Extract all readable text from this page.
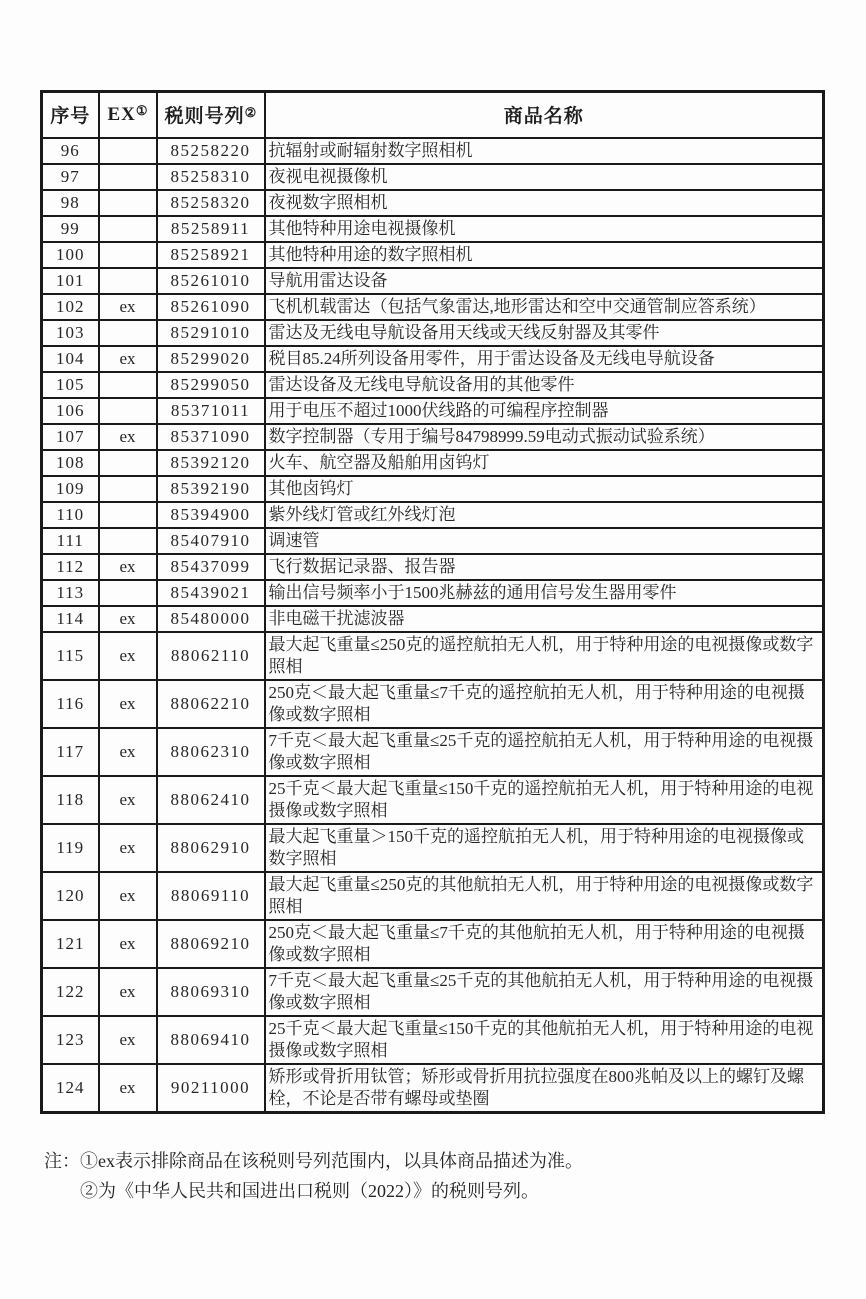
序号	EX①	税则号列②	商品名称
96		85258220	抗辐射或耐辐射数字照相机
97		85258310	夜视电视摄像机
98		85258320	夜视数字照相机
99		85258911	其他特种用途电视摄像机
100		85258921	其他特种用途的数字照相机
101		85261010	导航用雷达设备
102	ex	85261090	飞机机载雷达（包括气象雷达,地形雷达和空中交通管制应答系统）
103		85291010	雷达及无线电导航设备用天线或天线反射器及其零件
104	ex	85299020	税目85.24所列设备用零件，用于雷达设备及无线电导航设备
105		85299050	雷达设备及无线电导航设备用的其他零件
106		85371011	用于电压不超过1000伏线路的可编程序控制器
107	ex	85371090	数字控制器（专用于编号84798999.59电动式振动试验系统）
108		85392120	火车、航空器及船舶用卤钨灯
109		85392190	其他卤钨灯
110		85394900	紫外线灯管或红外线灯泡
111		85407910	调速管
112	ex	85437099	飞行数据记录器、报告器
113		85439021	输出信号频率小于1500兆赫兹的通用信号发生器用零件
114	ex	85480000	非电磁干扰滤波器
115	ex	88062110	最大起飞重量≤250克的遥控航拍无人机，用于特种用途的电视摄像或数字照相
116	ex	88062210	250克＜最大起飞重量≤7千克的遥控航拍无人机，用于特种用途的电视摄像或数字照相
117	ex	88062310	7千克＜最大起飞重量≤25千克的遥控航拍无人机，用于特种用途的电视摄像或数字照相
118	ex	88062410	25千克＜最大起飞重量≤150千克的遥控航拍无人机，用于特种用途的电视摄像或数字照相
119	ex	88062910	最大起飞重量＞150千克的遥控航拍无人机，用于特种用途的电视摄像或数字照相
120	ex	88069110	最大起飞重量≤250克的其他航拍无人机，用于特种用途的电视摄像或数字照相
121	ex	88069210	250克＜最大起飞重量≤7千克的其他航拍无人机，用于特种用途的电视摄像或数字照相
122	ex	88069310	7千克＜最大起飞重量≤25千克的其他航拍无人机，用于特种用途的电视摄像或数字照相
123	ex	88069410	25千克＜最大起飞重量≤150千克的其他航拍无人机，用于特种用途的电视摄像或数字照相
124	ex	90211000	矫形或骨折用钛管；矫形或骨折用抗拉强度在800兆帕及以上的螺钉及螺栓，不论是否带有螺母或垫圈
注：①ex表示排除商品在该税则号列范围内，以具体商品描述为准。
②为《中华人民共和国进出口税则（2022）》的税则号列。
